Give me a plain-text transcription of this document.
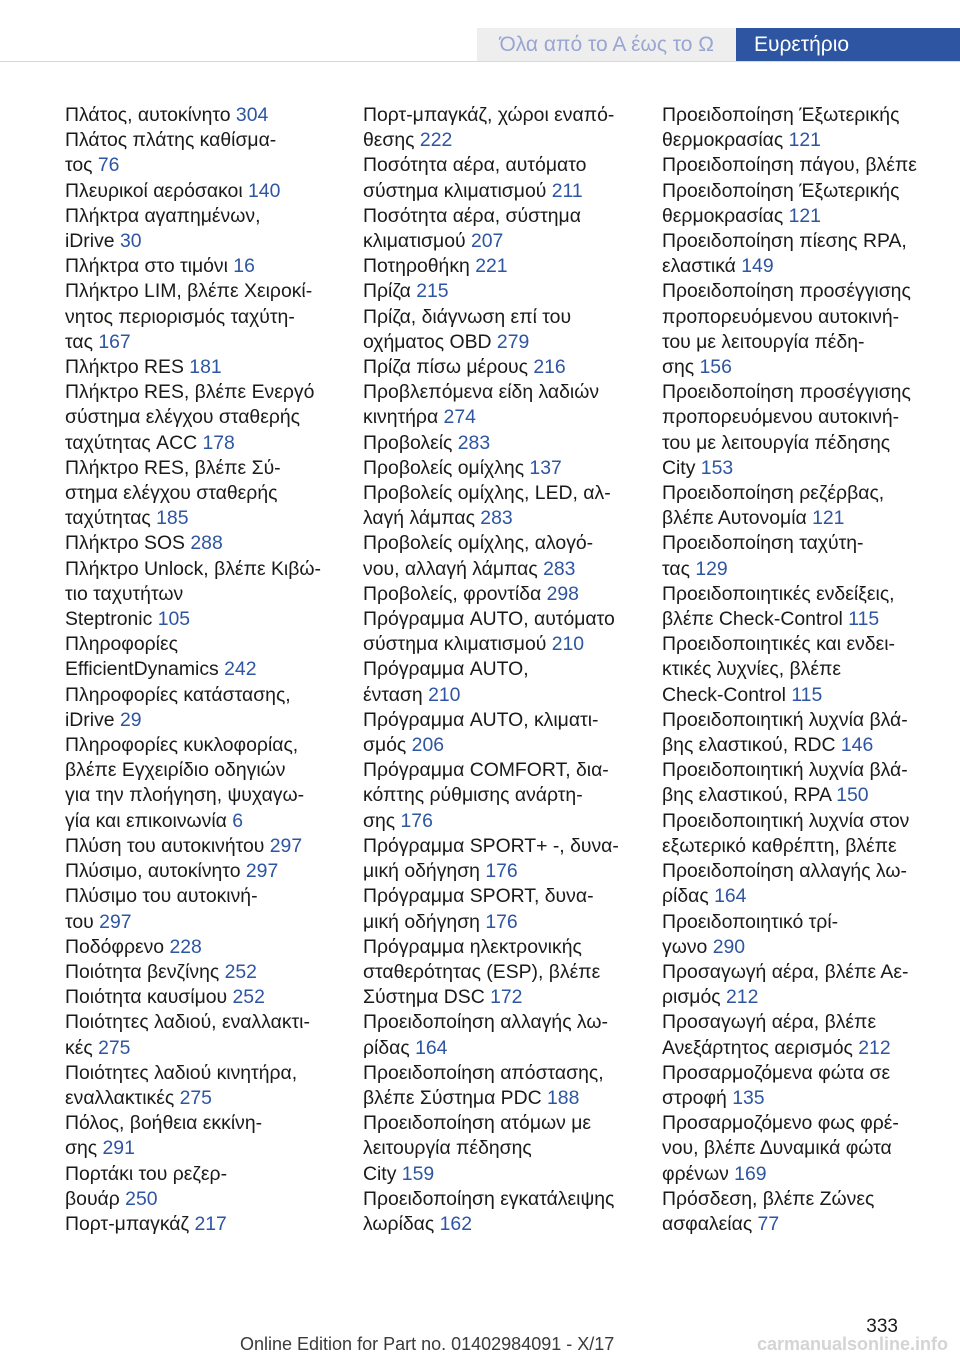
Όλα από το Α έως το Ω	Ευρετήριο
Πλάτος, αυτοκίνητο 304
Πλάτος πλάτης καθίσμα-
τος 76
Πλευρικοί αερόσακοι 140
Πλήκτρα αγαπημένων,
iDrive 30
Πλήκτρα στο τιμόνι 16
Πλήκτρο LIM, βλέπε Χειροκί-
νητος περιορισμός ταχύτη-
τας 167
Πλήκτρο RES 181
Πλήκτρο RES, βλέπε Ενεργό
σύστημα ελέγχου σταθερής
ταχύτητας ACC 178
Πλήκτρο RES, βλέπε Σύ-
στημα ελέγχου σταθερής
ταχύτητας 185
Πλήκτρο SOS 288
Πλήκτρο Unlock, βλέπε Κιβώ-
τιο ταχυτήτων
Steptronic 105
Πληροφορίες
EfficientDynamics 242
Πληροφορίες κατάστασης,
iDrive 29
Πληροφορίες κυκλοφορίας,
βλέπε Εγχειρίδιο οδηγιών
για την πλοήγηση, ψυχαγω-
γία και επικοινωνία 6
Πλύση του αυτοκινήτου 297
Πλύσιμο, αυτοκίνητο 297
Πλύσιμο του αυτοκινή-
του 297
Ποδόφρενο 228
Ποιότητα βενζίνης 252
Ποιότητα καυσίμου 252
Ποιότητες λαδιού, εναλλακτι-
κές 275
Ποιότητες λαδιού κινητήρα,
εναλλακτικές 275
Πόλος, βοήθεια εκκίνη-
σης 291
Πορτάκι του ρεζερ-
βουάρ 250
Πορτ-μπαγκάζ 217
Πορτ-μπαγκάζ, χώροι εναπό-
θεσης 222
Ποσότητα αέρα, αυτόματο
σύστημα κλιματισμού 211
Ποσότητα αέρα, σύστημα
κλιματισμού 207
Ποτηροθήκη 221
Πρίζα 215
Πρίζα, διάγνωση επί του
οχήματος OBD 279
Πρίζα πίσω μέρους 216
Προβλεπόμενα είδη λαδιών
κινητήρα 274
Προβολείς 283
Προβολείς ομίχλης 137
Προβολείς ομίχλης, LED, αλ-
λαγή λάμπας 283
Προβολείς ομίχλης, αλογό-
νου, αλλαγή λάμπας 283
Προβολείς, φροντίδα 298
Πρόγραμμα AUTO, αυτόματο
σύστημα κλιματισμού 210
Πρόγραμμα AUTO,
ένταση 210
Πρόγραμμα AUTO, κλιματι-
σμός 206
Πρόγραμμα COMFORT, δια-
κόπτης ρύθμισης ανάρτη-
σης 176
Πρόγραμμα SPORT+ -, δυνα-
μική οδήγηση 176
Πρόγραμμα SPORT, δυνα-
μική οδήγηση 176
Πρόγραμμα ηλεκτρονικής
σταθερότητας (ESP), βλέπε
Σύστημα DSC 172
Προειδοποίηση αλλαγής λω-
ρίδας 164
Προειδοποίηση απόστασης,
βλέπε Σύστημα PDC 188
Προειδοποίηση ατόμων με
λειτουργία πέδησης
City 159
Προειδοποίηση εγκατάλειψης
λωρίδας 162
Προειδοποίηση Έξωτερικής
θερμοκρασίας 121
Προειδοποίηση πάγου, βλέπε
Προειδοποίηση Έξωτερικής
θερμοκρασίας 121
Προειδοποίηση πίεσης RPA,
ελαστικά 149
Προειδοποίηση προσέγγισης
προπορευόμενου αυτοκινή-
του με λειτουργία πέδη-
σης 156
Προειδοποίηση προσέγγισης
προπορευόμενου αυτοκινή-
του με λειτουργία πέδησης
City 153
Προειδοποίηση ρεζέρβας,
βλέπε Αυτονομία 121
Προειδοποίηση ταχύτη-
τας 129
Προειδοποιητικές ενδείξεις,
βλέπε Check-Control 115
Προειδοποιητικές και ενδει-
κτικές λυχνίες, βλέπε
Check-Control 115
Προειδοποιητική λυχνία βλά-
βης ελαστικού, RDC 146
Προειδοποιητική λυχνία βλά-
βης ελαστικού, RPA 150
Προειδοποιητική λυχνία στον
εξωτερικό καθρέπτη, βλέπε
Προειδοποίηση αλλαγής λω-
ρίδας 164
Προειδοποιητικό τρί-
γωνο 290
Προσαγωγή αέρα, βλέπε Αε-
ρισμός 212
Προσαγωγή αέρα, βλέπε
Ανεξάρτητος αερισμός 212
Προσαρμοζόμενα φώτα σε
στροφή 135
Προσαρμοζόμενο φως φρέ-
νου, βλέπε Δυναμικά φώτα
φρένων 169
Πρόσδεση, βλέπε Ζώνες
ασφαλείας 77
333
Online Edition for Part no. 01402984091 - X/17	carmanualsonline.info
